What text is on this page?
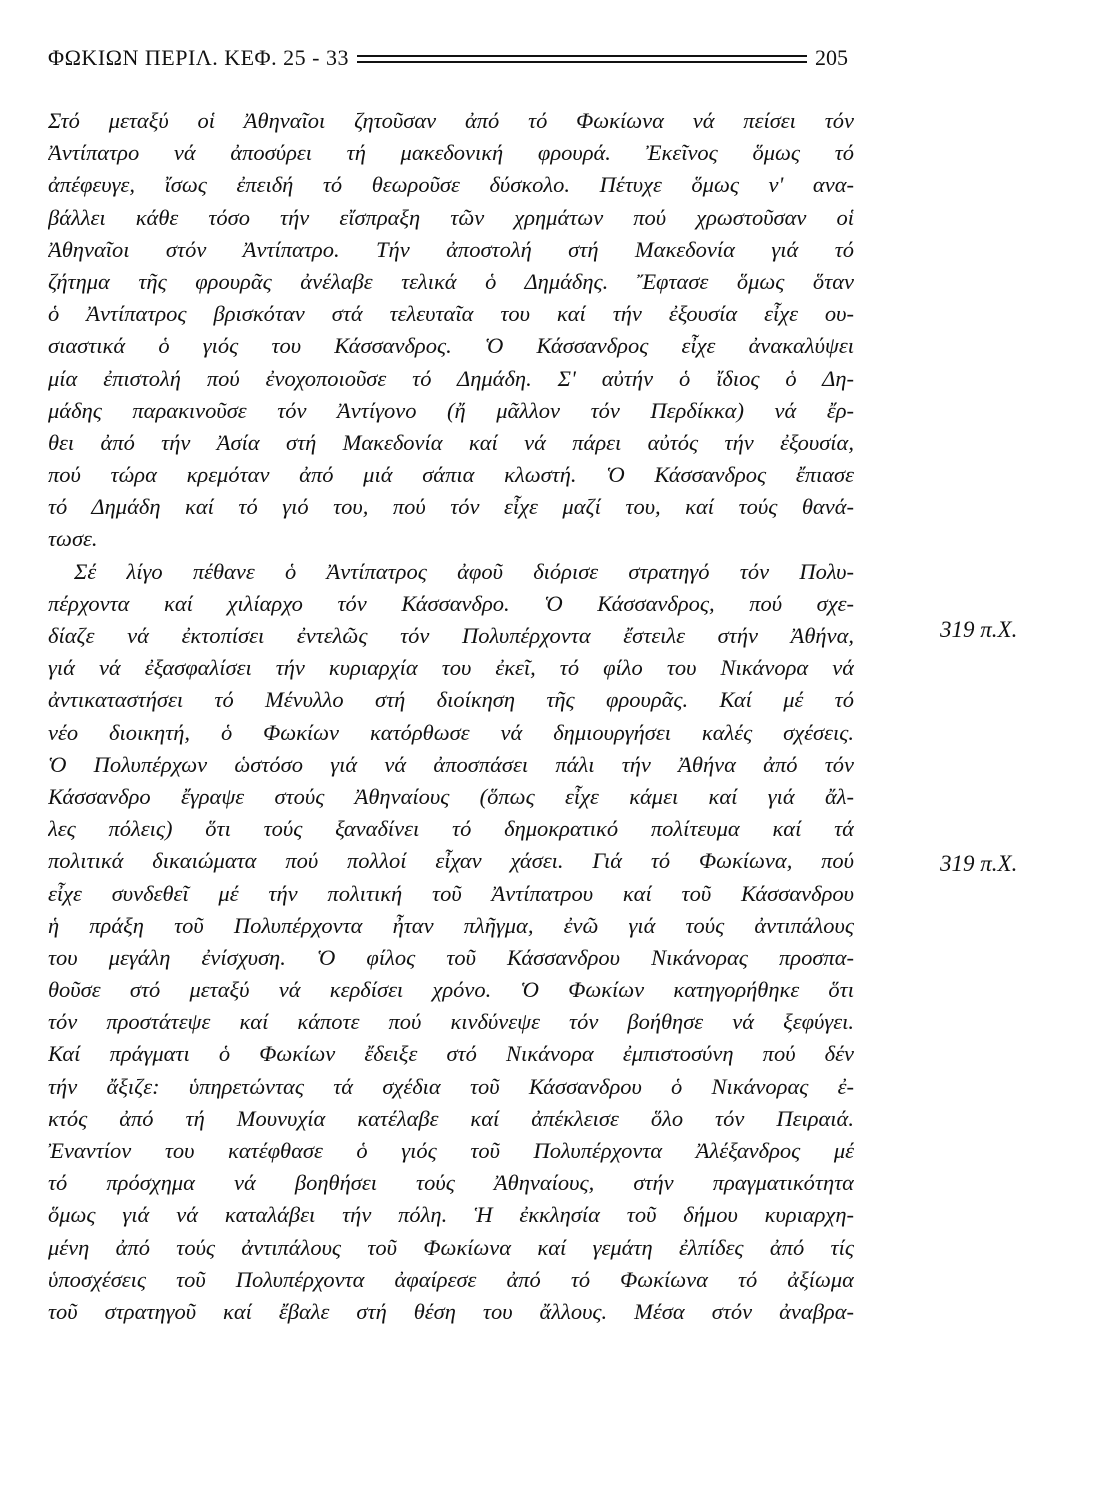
ΦΩΚΙΩΝ ΠΕΡΙΛ. ΚΕΦ. 25 - 33	205
Στό μεταξύ οἱ Ἀθηναῖοι ζητοῦσαν ἀπό τό Φωκίωνα νά πείσει τόν
Ἀντίπατρο νά ἀποσύρει τή μακεδονική φρουρά. Ἐκεῖνος ὅμως τό
ἀπέφευγε, ἴσως ἐπειδή τό θεωροῦσε δύσκολο. Πέτυχε ὅμως ν' ανα-
βάλλει κάθε τόσο τήν εἴσπραξη τῶν χρημάτων πού χρωστοῦσαν οἱ
Ἀθηναῖοι στόν Ἀντίπατρο. Τήν ἀποστολή στή Μακεδονία γιά τό
ζήτημα τῆς φρουρᾶς ἀνέλαβε τελικά ὁ Δημάδης. Ἔφτασε ὅμως ὅταν
ὁ Ἀντίπατρος βρισκόταν στά τελευταῖα του καί τήν ἐξουσία εἶχε ου-
σιαστικά ὁ γιός του Κάσσανδρος. Ὁ Κάσσανδρος εἶχε ἀνακαλύψει
μία ἐπιστολή πού ἐνοχοποιοῦσε τό Δημάδη. Σ' αὐτήν ὁ ἴδιος ὁ Δη-
μάδης παρακινοῦσε τόν Ἀντίγονο (ἤ μᾶλλον τόν Περδίκκα) νά ἔρ-
θει ἀπό τήν Ἀσία στή Μακεδονία καί νά πάρει αὐτός τήν ἐξουσία,
πού τώρα κρεμόταν ἀπό μιά σάπια κλωστή. Ὁ Κάσσανδρος ἔπιασε
τό Δημάδη καί τό γιό του, πού τόν εἶχε μαζί του, καί τούς θανά-
τωσε.
Σέ λίγο πέθανε ὁ Ἀντίπατρος ἀφοῦ διόρισε στρατηγό τόν Πολυ-
πέρχοντα καί χιλίαρχο τόν Κάσσανδρο. Ὁ Κάσσανδρος, πού σχε-
δίαζε νά ἐκτοπίσει ἐντελῶς τόν Πολυπέρχοντα ἔστειλε στήν Ἀθήνα,
γιά νά ἐξασφαλίσει τήν κυριαρχία του ἐκεῖ, τό φίλο του Νικάνορα νά
ἀντικαταστήσει τό Μένυλλο στή διοίκηση τῆς φρουρᾶς. Καί μέ τό
νέο διοικητή, ὁ Φωκίων κατόρθωσε νά δημιουργήσει καλές σχέσεις.
Ὁ Πολυπέρχων ὡστόσο γιά νά ἀποσπάσει πάλι τήν Ἀθήνα ἀπό τόν
Κάσσανδρο ἔγραψε στούς Ἀθηναίους (ὅπως εἶχε κάμει καί γιά ἄλ-
λες πόλεις) ὅτι τούς ξαναδίνει τό δημοκρατικό πολίτευμα καί τά
πολιτικά δικαιώματα πού πολλοί εἶχαν χάσει. Γιά τό Φωκίωνα, πού
εἶχε συνδεθεῖ μέ τήν πολιτική τοῦ Ἀντίπατρου καί τοῦ Κάσσανδρου
ἡ πράξη τοῦ Πολυπέρχοντα ἦταν πλῆγμα, ἐνῶ γιά τούς ἀντιπάλους
του μεγάλη ἐνίσχυση. Ὁ φίλος τοῦ Κάσσανδρου Νικάνορας προσπα-
θοῦσε στό μεταξύ νά κερδίσει χρόνο. Ὁ Φωκίων κατηγορήθηκε ὅτι
τόν προστάτεψε καί κάποτε πού κινδύνεψε τόν βοήθησε νά ξεφύγει.
Καί πράγματι ὁ Φωκίων ἔδειξε στό Νικάνορα ἐμπιστοσύνη πού δέν
τήν ἄξιζε: ὑπηρετώντας τά σχέδια τοῦ Κάσσανδρου ὁ Νικάνορας ἐ-
κτός ἀπό τή Μουνυχία κατέλαβε καί ἀπέκλεισε ὅλο τόν Πειραιά.
Ἐναντίον του κατέφθασε ὁ γιός τοῦ Πολυπέρχοντα Ἀλέξανδρος μέ
τό πρόσχημα νά βοηθήσει τούς Ἀθηναίους, στήν πραγματικότητα
ὅμως γιά νά καταλάβει τήν πόλη. Ἡ ἐκκλησία τοῦ δήμου κυριαρχη-
μένη ἀπό τούς ἀντιπάλους τοῦ Φωκίωνα καί γεμάτη ἐλπίδες ἀπό τίς
ὑποσχέσεις τοῦ Πολυπέρχοντα ἀφαίρεσε ἀπό τό Φωκίωνα τό ἀξίωμα
τοῦ στρατηγοῦ καί ἔβαλε στή θέση του ἄλλους. Μέσα στόν ἀναβρα-
319 π.Χ.
319 π.Χ.
